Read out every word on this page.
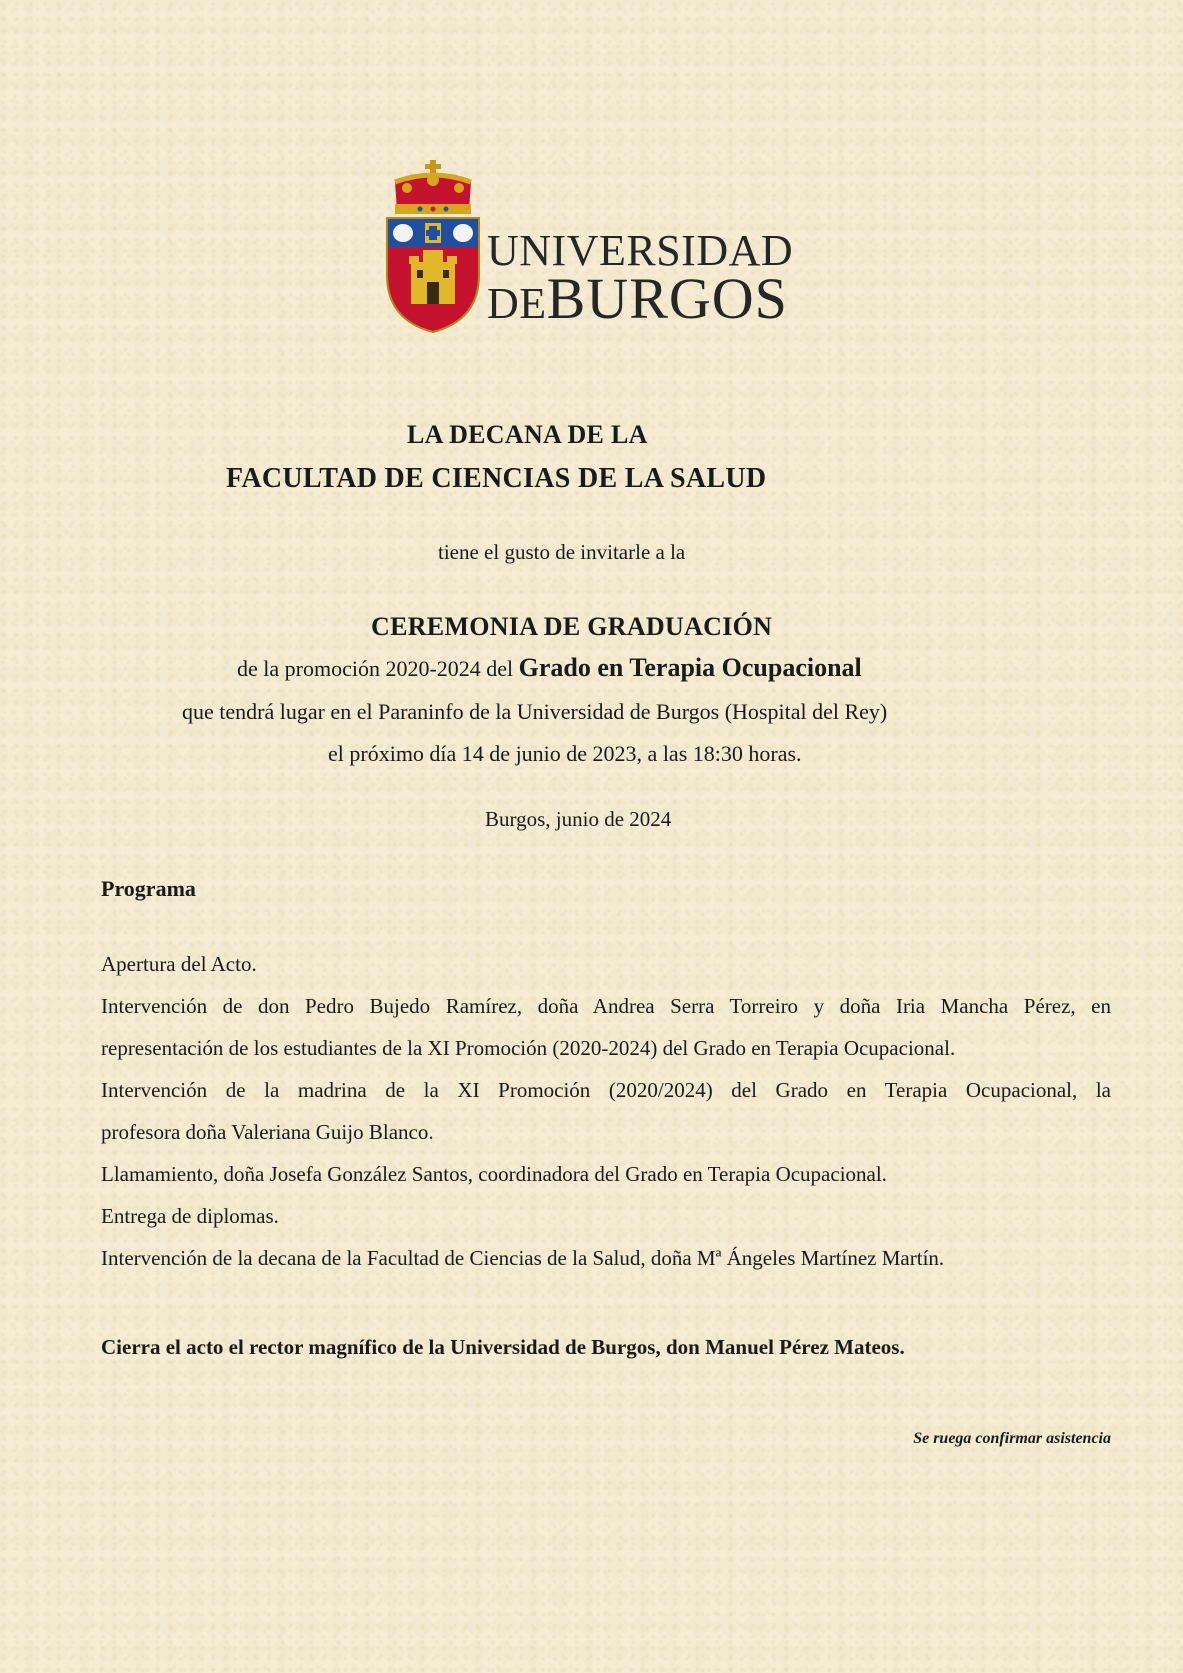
UNIVERSIDAD
DEBURGOS
LA DECANA DE LA
FACULTAD DE CIENCIAS DE LA SALUD
tiene el gusto de invitarle a la
CEREMONIA DE GRADUACIÓN
de la promoción 2020-2024 del Grado en Terapia Ocupacional
que tendrá lugar en el Paraninfo de la Universidad de Burgos (Hospital del Rey)
el próximo día 14 de junio de 2023, a las 18:30 horas.
Burgos, junio de 2024
Programa

Apertura del Acto.

Intervención de don Pedro Bujedo Ramírez, doña Andrea Serra Torreiro y doña Iria Mancha Pérez, en

representación de los estudiantes de la XI Promoción (2020-2024) del Grado en Terapia Ocupacional.

Intervención de la madrina de la XI Promoción (2020/2024) del Grado en Terapia Ocupacional, la

profesora doña Valeriana Guijo Blanco.

Llamamiento, doña Josefa González Santos, coordinadora del Grado en Terapia Ocupacional.

Entrega de diplomas.

Intervención de la decana de la Facultad de Ciencias de la Salud, doña Mª Ángeles Martínez Martín.

Cierra el acto el rector magnífico de la Universidad de Burgos, don Manuel Pérez Mateos.
Se ruega confirmar asistencia
